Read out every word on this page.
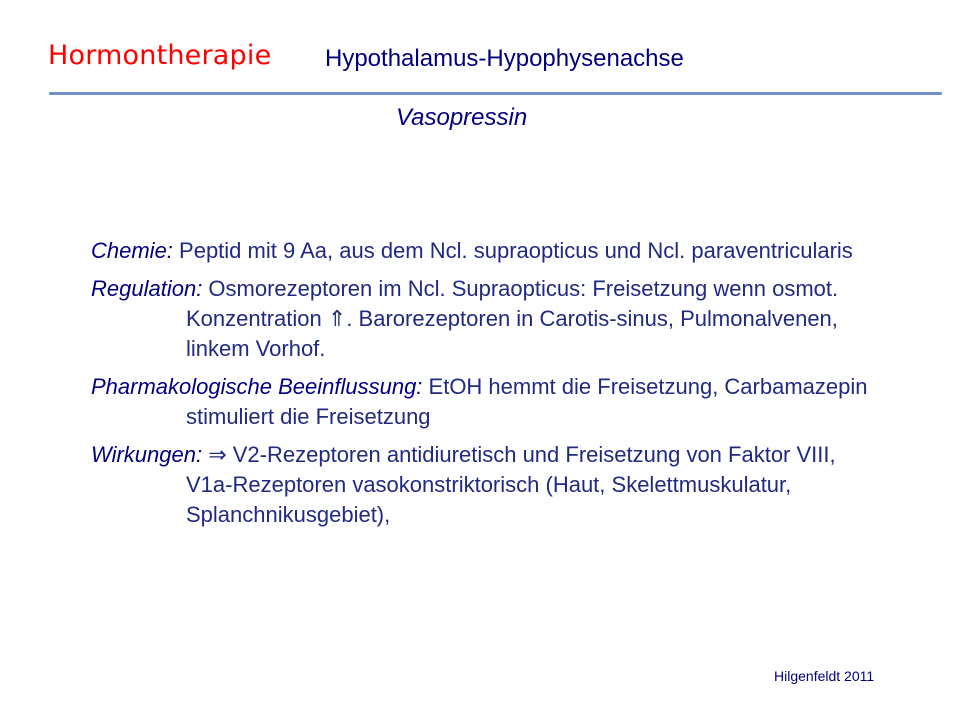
Hormontherapie Hypothalamus-Hypophysenachse
Vasopressin

Chemie: Peptid mit 9 Aa, aus dem Ncl. supraopticus und Ncl. paraventricularis

Regulation: Osmorezeptoren im Ncl. Supraopticus: Freisetzung wenn osmot. Konzentration ⇑. Barorezeptoren in Carotis-sinus, Pulmonalvenen, linkem Vorhof.

Pharmakologische Beeinflussung: EtOH hemmt die Freisetzung, Carbamazepin stimuliert die Freisetzung

Wirkungen: ⇒ V2-Rezeptoren antidiuretisch und Freisetzung von Faktor VIII, V1a-Rezeptoren vasokonstriktorisch (Haut, Skelettmuskulatur, Splanchnikusgebiet),

Hilgenfeldt 2011
